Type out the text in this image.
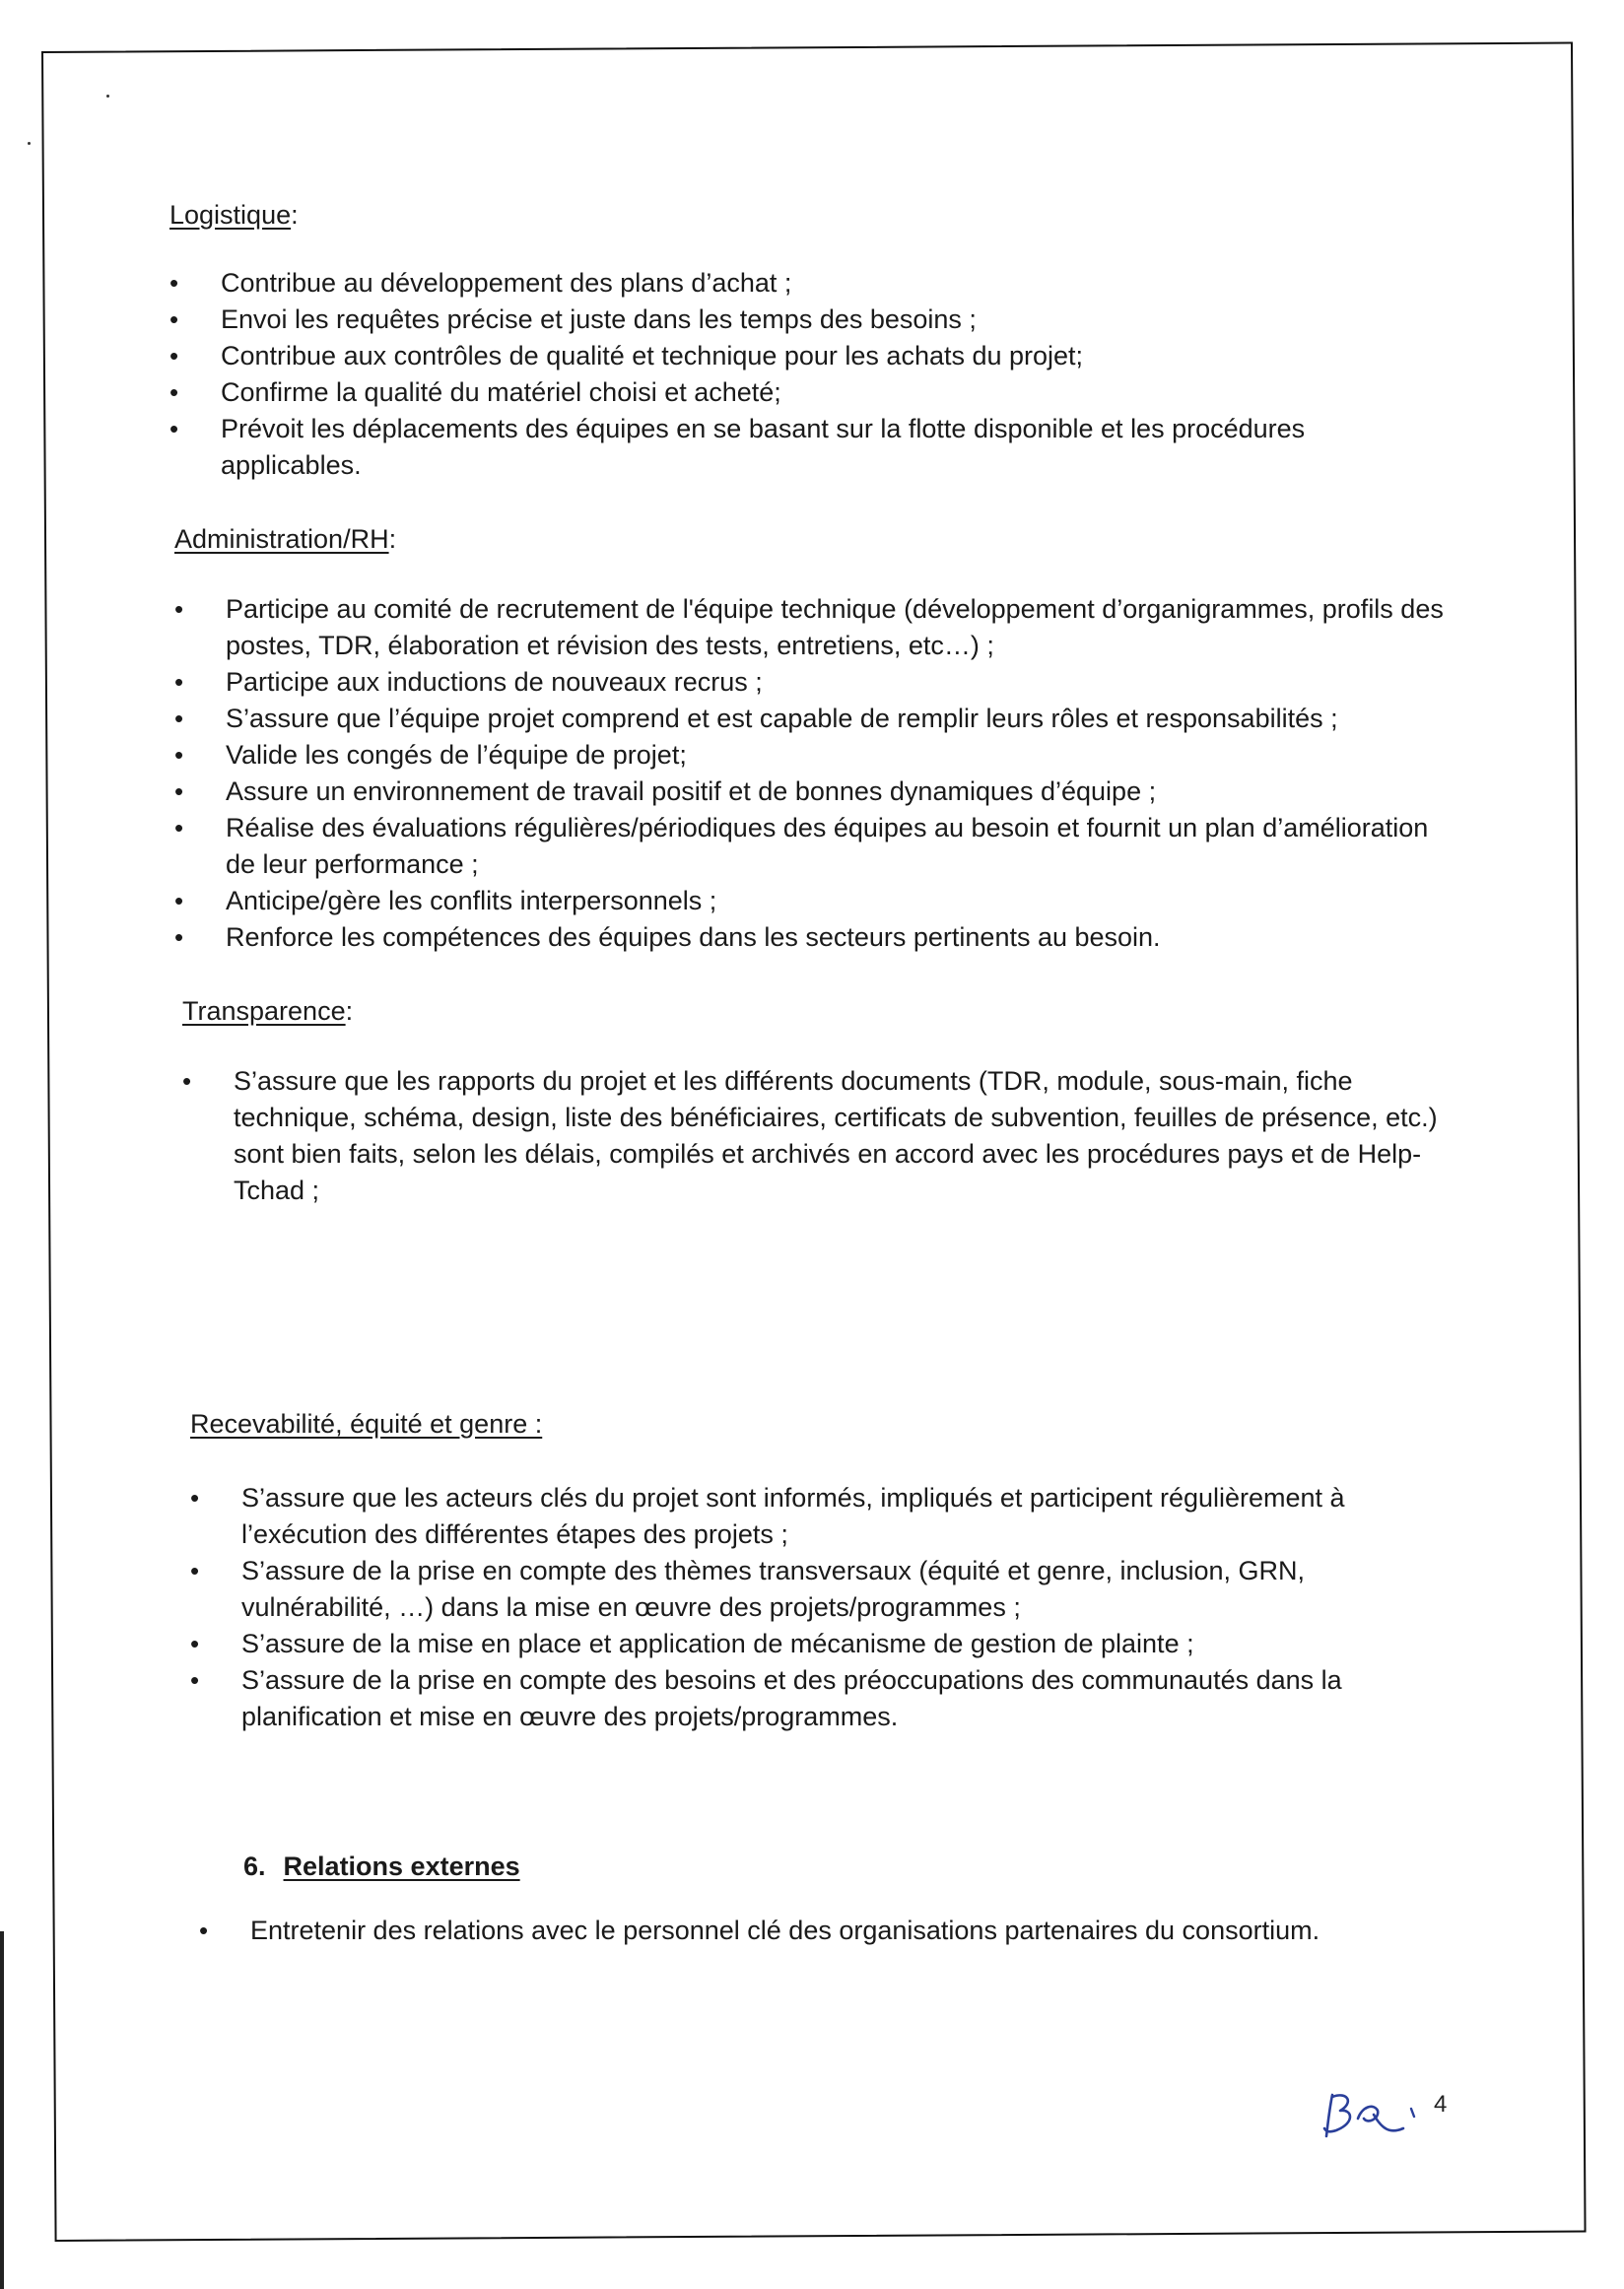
Logistique:

• Contribue au développement des plans d’achat ;
• Envoi les requêtes précise et juste dans les temps des besoins ;
• Contribue aux contrôles de qualité et technique pour les achats du projet;
• Confirme la qualité du matériel choisi et acheté;
• Prévoit les déplacements des équipes en se basant sur la flotte disponible et les procédures applicables.

Administration/RH:

• Participe au comité de recrutement de l'équipe technique (développement d’organigrammes, profils des postes, TDR, élaboration et révision des tests, entretiens, etc…) ;
• Participe aux inductions de nouveaux recrus ;
• S’assure que l’équipe projet comprend et est capable de remplir leurs rôles et responsabilités ;
• Valide les congés de l’équipe de projet;
• Assure un environnement de travail positif et de bonnes dynamiques d’équipe ;
• Réalise des évaluations régulières/périodiques des équipes au besoin et fournit un plan d’amélioration de leur performance ;
• Anticipe/gère les conflits interpersonnels ;
• Renforce les compétences des équipes dans les secteurs pertinents au besoin.

Transparence:

• S’assure que les rapports du projet et les différents documents (TDR, module, sous-main, fiche technique, schéma, design, liste des bénéficiaires, certificats de subvention, feuilles de présence, etc.) sont bien faits, selon les délais, compilés et archivés en accord avec les procédures pays et de Help-Tchad ;

Recevabilité, équité et genre :

• S’assure que les acteurs clés du projet sont informés, impliqués et participent régulièrement à l’exécution des différentes étapes des projets ;
• S’assure de la prise en compte des thèmes transversaux (équité et genre, inclusion, GRN, vulnérabilité, …) dans la mise en œuvre des projets/programmes ;
• S’assure de la mise en place et application de mécanisme de gestion de plainte ;
• S’assure de la prise en compte des besoins et des préoccupations des communautés dans la planification et mise en œuvre des projets/programmes.

6. Relations externes

• Entretenir des relations avec le personnel clé des organisations partenaires du consortium.
4
